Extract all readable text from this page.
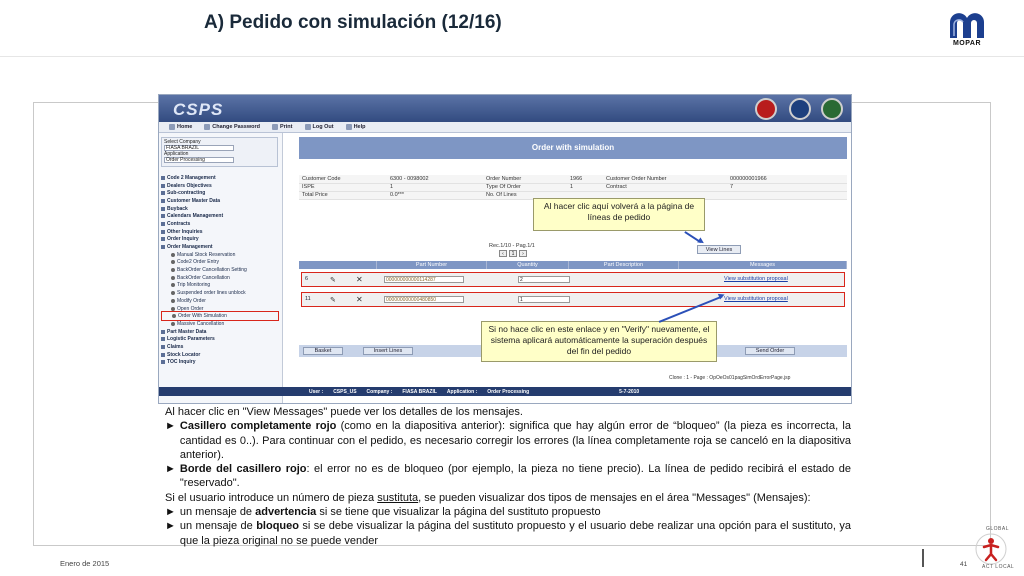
A) Pedido con simulación (12/16)
MOPAR
CSPS
Home	Change Password	Print	Log Out	Help
Select Company
FIASA BRAZIL
Application
Order Processing
Code 2 Management
Dealers Objectives
Sub-contracting
Customer Master Data
Buyback
Calendars Management
Contracts
Other Inquiries
Order Inquiry
Order Management
Manual Stock Reservation
Code2 Order Entry
BackOrder Cancellation Setting
BackOrder Cancellation
Trip Monitoring
Suspended order lines unblock
Modify Order
Open Order
Order With Simulation
Massive Cancellation
Part Master Data
Logistic Parameters
Claims
Stock Locator
TOC Inquiry
Order with simulation
Customer Code	6300 - 0098002	Order Number	1966	Customer Order Number	000000001966
ISPE	1	Type Of Order	1	Contract	7
Total Price	0.0***	No. Of Lines			
Rec.1/10 - Pag.1/1
‹	1	›
View Lines
Part Number	Quantity	Part Description	Messages
6	✎	✕	000000000000114287	2	View substitution proposal
11	✎	✕	000000000000480850	1	View substitution proposal
Basket	Insert Lines	Send Order
Clone : 1 - Page : OpOeOs01pagSimOrdErrorPage.jsp
User : CSPS_US Company : FIASA BRAZIL Application : Order Processing	5-7-2010
Al hacer clic aquí volverá a la página de líneas de pedido
Si no hace clic en este enlace y en "Verify" nuevamente, el sistema aplicará automáticamente la superación después del fin del pedido

Al hacer clic en "View Messages" puede ver los detalles de los mensajes.

► Casillero completamente rojo (como en la diapositiva anterior): significa que hay algún error de “bloqueo” (la pieza es incorrecta, la cantidad es 0..). Para continuar con el pedido, es necesario corregir los errores (la línea completamente roja se canceló en la diapositiva anterior).
► Borde del casillero rojo: el error no es de bloqueo (por ejemplo, la pieza no tiene precio). La línea de pedido recibirá el estado de "reservado".

Si el usuario introduce un número de pieza sustituta, se pueden visualizar dos tipos de mensajes en el área "Messages" (Mensajes):

► un mensaje de advertencia si se tiene que visualizar la página del sustituto propuesto
► un mensaje de bloqueo si se debe visualizar la página del sustituto propuesto y el usuario debe realizar una opción para el sustituto, ya que la pieza original no se puede vender
Enero de 2015	41
GLOBAL
ACT LOCAL
